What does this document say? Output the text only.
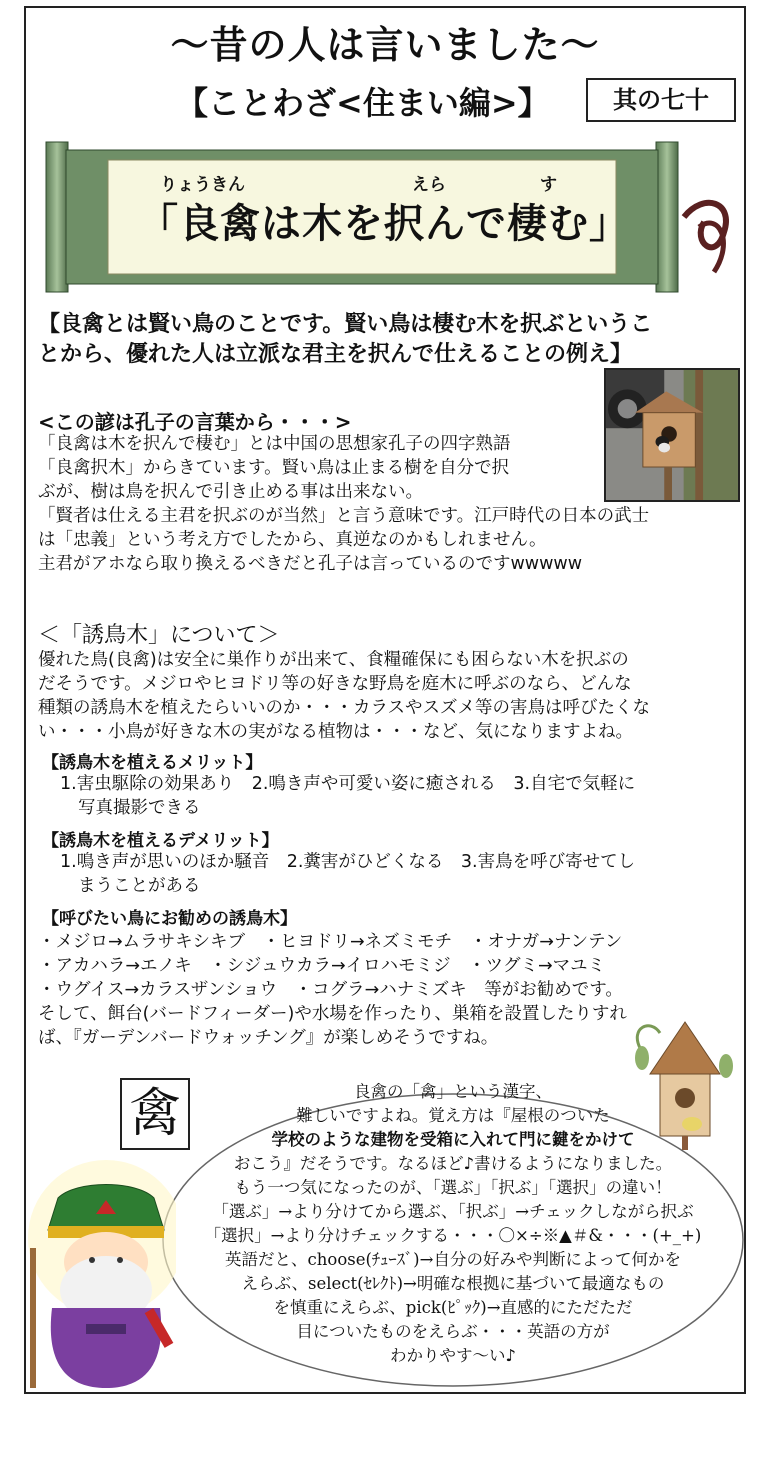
～昔の人は言いました～
【ことわざ<住まい編>】	其の七十
りょうきん	えら	す
「良禽は木を択んで棲む」
【良禽とは賢い鳥のことです。賢い鳥は棲む木を択ぶというこ
とから、優れた人は立派な君主を択んで仕えることの例え】
<この諺は孔子の言葉から・・・>
「良禽は木を択んで棲む」とは中国の思想家孔子の四字熟語
「良禽択木」からきています。賢い鳥は止まる樹を自分で択
ぶが、樹は鳥を択んで引き止める事は出来ない。
「賢者は仕える主君を択ぶのが当然」と言う意味です。江戸時代の日本の武士
は「忠義」という考え方でしたから、真逆なのかもしれません。
主君がアホなら取り換えるべきだと孔子は言っているのですwwwww
＜「誘鳥木」について＞
優れた鳥(良禽)は安全に巣作りが出来て、食糧確保にも困らない木を択ぶの
だそうです。メジロやヒヨドリ等の好きな野鳥を庭木に呼ぶのなら、どんな
種類の誘鳥木を植えたらいいのか・・・カラスやスズメ等の害鳥は呼びたくな
い・・・小鳥が好きな木の実がなる植物は・・・など、気になりますよね。
【誘鳥木を植えるメリット】
1.害虫駆除の効果あり　2.鳴き声や可愛い姿に癒される　3.自宅で気軽に
写真撮影できる
【誘鳥木を植えるデメリット】
1.鳴き声が思いのほか騒音　2.糞害がひどくなる　3.害鳥を呼び寄せてし
まうことがある
【呼びたい鳥にお勧めの誘鳥木】
・メジロ→ムラサキシキブ　・ヒヨドリ→ネズミモチ　・オナガ→ナンテン
・アカハラ→エノキ　・シジュウカラ→イロハモミジ　・ツグミ→マユミ
・ウグイス→カラスザンショウ　・コグラ→ハナミズキ　等がお勧めです。
そして、餌台(バードフィーダー)や水場を作ったり、巣箱を設置したりすれ
ば、『ガーデンバードウォッチング』が楽しめそうですね。
禽	良禽の「禽」という漢字、
難しいですよね。覚え方は『屋根のついた
学校のような建物を受箱に入れて門に鍵をかけて
おこう』だそうです。なるほど♪書けるようになりました。
もう一つ気になったのが、「選ぶ」「択ぶ」「選択」の違い！
「選ぶ」→より分けてから選ぶ、「択ぶ」→チェックしながら択ぶ
「選択」→より分けチェックする・・・〇×÷※▲＃&・・・(+_+)
英語だと、choose(ﾁｭｰｽﾞ)→自分の好みや判断によって何かを
えらぶ、select(ｾﾚｸﾄ)→明確な根拠に基づいて最適なもの
を慎重にえらぶ、pick(ﾋﾟｯｸ)→直感的にただただ
目についたものをえらぶ・・・英語の方が
わかりやす～い♪
